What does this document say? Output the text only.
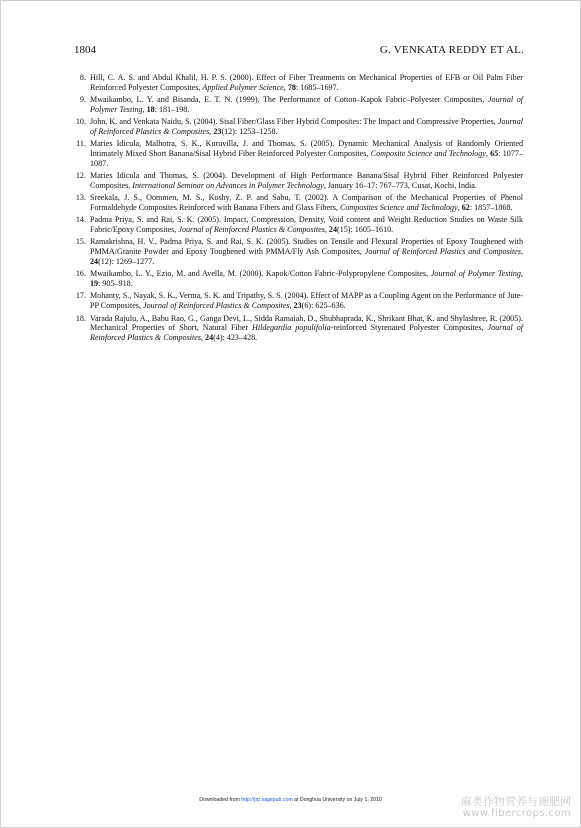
1804	G. VENKATA REDDY ET AL.
8. Hill, C. A. S. and Abdul Khalil, H. P. S. (2000). Effect of Fiber Treatments on Mechanical Properties of EFB or Oil Palm Fiber Reinforced Polyester Composites, Applied Polymer Science, 78: 1685–1697.
9. Mwaikambo, L. Y. and Bisanda, E. T. N. (1999). The Performance of Cotton–Kapok Fabric–Polyester Composites, Journal of Polymer Testing, 18: 181–198.
10. John, K. and Venkata Naidu, S. (2004). Sisal Fiber/Glass Fiber Hybrid Composites: The Impact and Compressive Properties, Journal of Reinforced Plastics & Composites, 23(12): 1253–1258.
11. Maries Idicula, Malhotra, S. K., Kuruvilla, J. and Thomas, S. (2005). Dynamic Mechanical Analysis of Randomly Oriented Intimately Mixed Short Banana/Sisal Hybrid Fiber Reinforced Polyester Composites, Composite Science and Technology, 65: 1077–1087.
12. Maries Idicula and Thomas, S. (2004). Development of High Performance Banana/Sisal Hybrid Fiber Reinforced Polyester Composites, International Seminar on Advances in Polymer Technology, January 16–17: 767–773, Cusat, Kochi, India.
13. Sreekala, J. S., Oommen, M. S., Koshy, Z. P. and Sabu, T. (2002). A Comparison of the Mechanical Properties of Phenol Formaldehyde Composites Reinforced with Banana Fibers and Glass Fibers, Composites Science and Technology, 62: 1857–1868.
14. Padma Priya, S. and Rai, S. K. (2005). Impact, Compression, Density, Void content and Weight Reduction Studies on Waste Silk Fabric/Epoxy Composites, Journal of Reinforced Plastics & Composites, 24(15): 1605–1610.
15. Ramakrishna, H. V., Padma Priya, S. and Rai, S. K. (2005). Studies on Tensile and Flexural Properties of Epoxy Toughened with PMMA/Granite Powder and Epoxy Toughened with PMMA/Fly Ash Composites, Journal of Reinforced Plastics and Composites, 24(12): 1269–1277.
16. Mwaikambo, L. Y., Ezio, M. and Avella, M. (2000). Kapok/Cotton Fabric-Polypropylene Composites, Journal of Polymer Testing, 19: 905–918.
17. Mohanty, S., Nayak, S. K., Verma, S. K. and Tripathy, S. S. (2004). Effect of MAPP as a Coupling Agent on the Performance of Jute-PP Composites, Journal of Reinforced Plastics & Composites, 23(6): 625–636.
18. Varada Rajulu, A., Babu Rao, G., Ganga Devi, L., Sidda Ramaiah, D., Shubhaprada, K., Shrikant Bhat, K. and Shylashree, R. (2005). Mechanical Properties of Short, Natural Fiber Hildegardia populifolia-reinforced Styrenated Polyester Composites, Journal of Reinforced Plastics & Composites, 24(4): 423–428.
Downloaded from http://jrp.sagepub.com at Donghua University on July 1, 2010	麻类作物营养与施肥网
www.fibercrops.com
